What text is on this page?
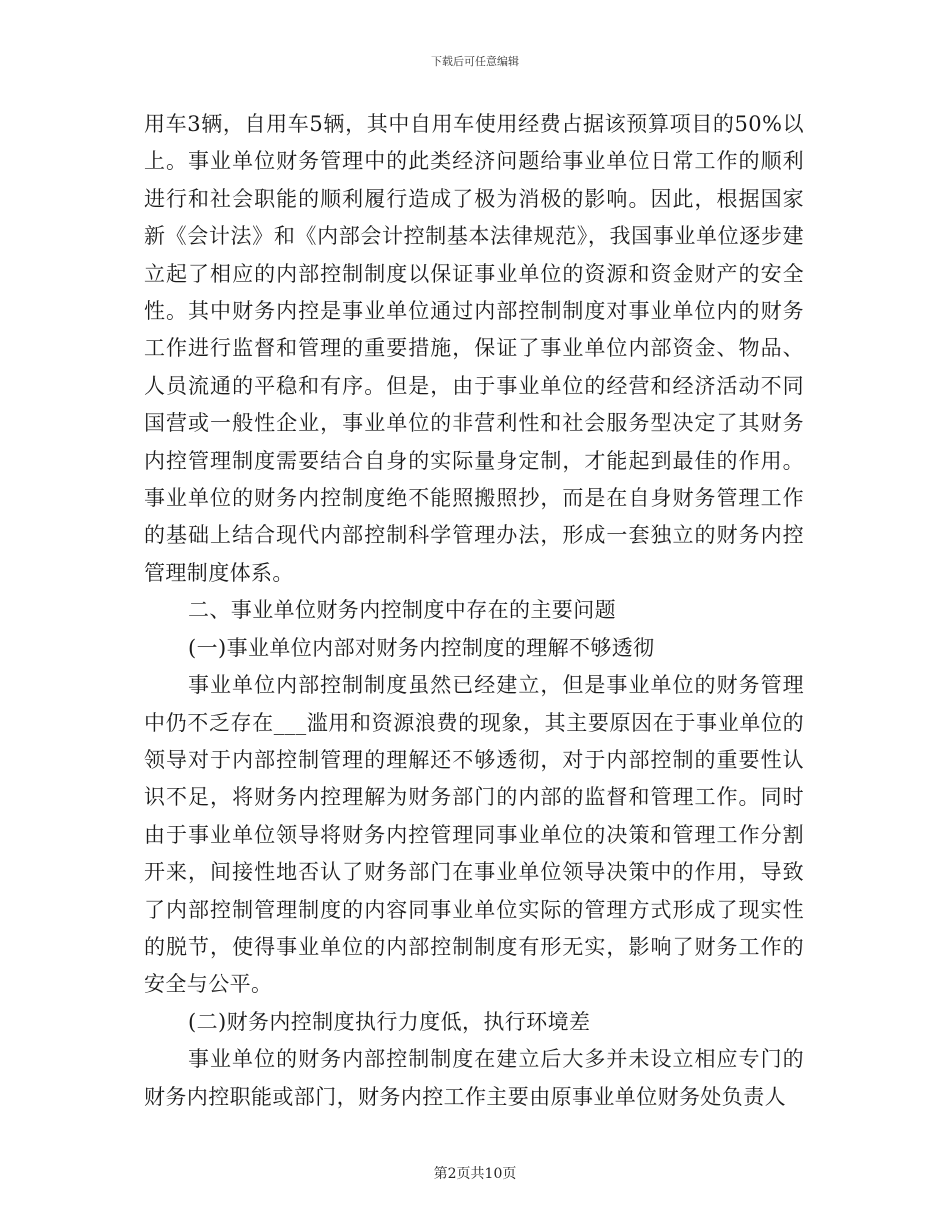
下载后可任意编辑

用车3辆，自用车5辆，其中自用车使用经费占据该预算项目的50%以上。事业单位财务管理中的此类经济问题给事业单位日常工作的顺利进行和社会职能的顺利履行造成了极为消极的影响。因此，根据国家新《会计法》和《内部会计控制基本法律规范》，我国事业单位逐步建立起了相应的内部控制制度以保证事业单位的资源和资金财产的安全性。其中财务内控是事业单位通过内部控制制度对事业单位内的财务工作进行监督和管理的重要措施，保证了事业单位内部资金、物品、人员流通的平稳和有序。但是，由于事业单位的经营和经济活动不同国营或一般性企业，事业单位的非营利性和社会服务型决定了其财务内控管理制度需要结合自身的实际量身定制，才能起到最佳的作用。事业单位的财务内控制度绝不能照搬照抄，而是在自身财务管理工作的基础上结合现代内部控制科学管理办法，形成一套独立的财务内控管理制度体系。

二、事业单位财务内控制度中存在的主要问题

(一)事业单位内部对财务内控制度的理解不够透彻

事业单位内部控制制度虽然已经建立，但是事业单位的财务管理中仍不乏存在___滥用和资源浪费的现象，其主要原因在于事业单位的领导对于内部控制管理的理解还不够透彻，对于内部控制的重要性认识不足，将财务内控理解为财务部门的内部的监督和管理工作。同时由于事业单位领导将财务内控管理同事业单位的决策和管理工作分割开来，间接性地否认了财务部门在事业单位领导决策中的作用，导致了内部控制管理制度的内容同事业单位实际的管理方式形成了现实性的脱节，使得事业单位的内部控制制度有形无实，影响了财务工作的安全与公平。

(二)财务内控制度执行力度低，执行环境差

事业单位的财务内部控制制度在建立后大多并未设立相应专门的财务内控职能或部门，财务内控工作主要由原事业单位财务处负责人

第2页共10页
